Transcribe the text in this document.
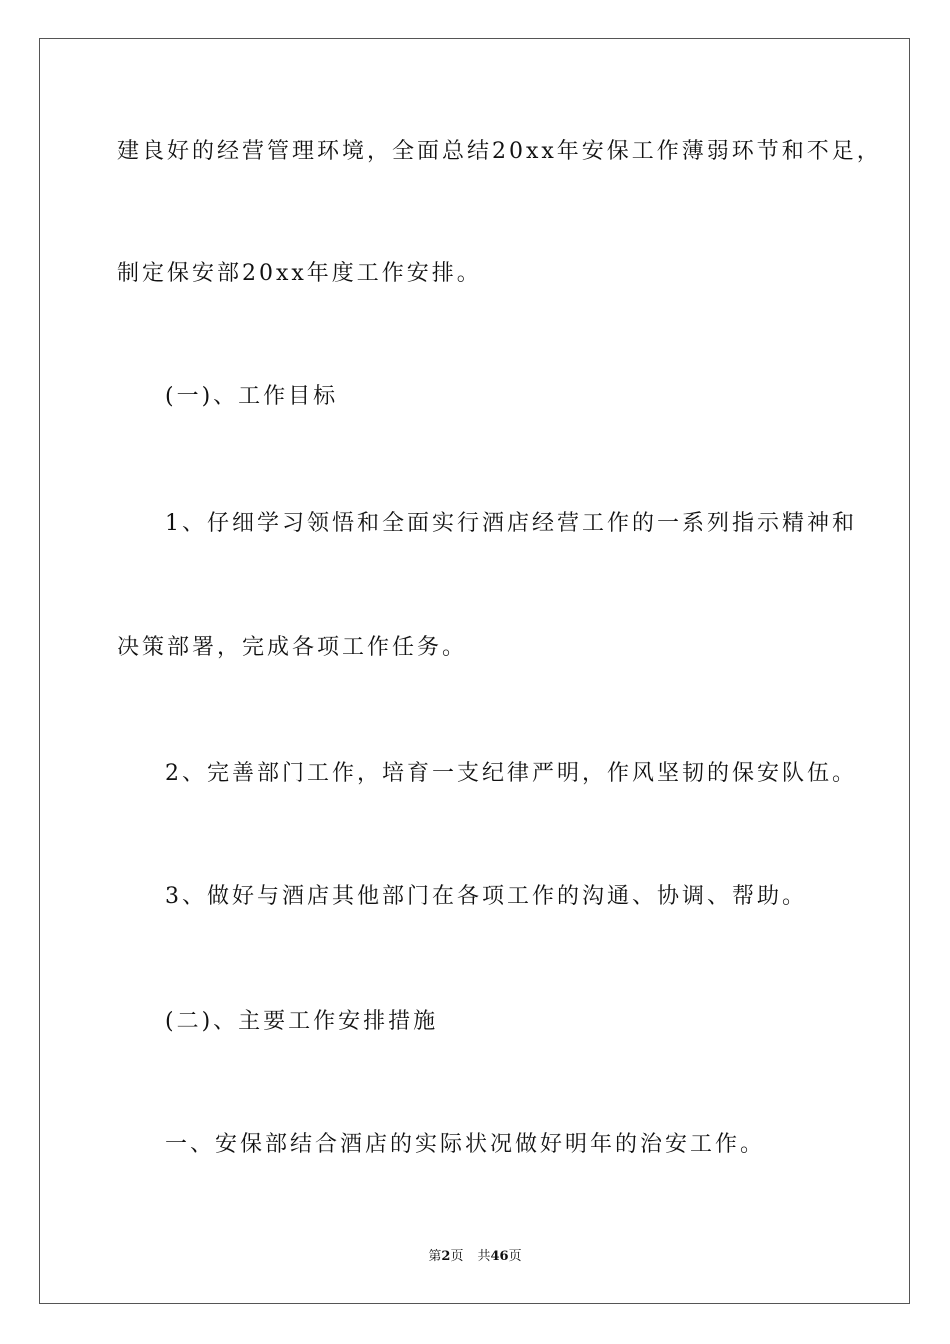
建良好的经营管理环境，全面总结20xx年安保工作薄弱环节和不足，

制定保安部20xx年度工作安排。

(一)、工作目标

1、仔细学习领悟和全面实行酒店经营工作的一系列指示精神和

决策部署，完成各项工作任务。

2、完善部门工作，培育一支纪律严明，作风坚韧的保安队伍。

3、做好与酒店其他部门在各项工作的沟通、协调、帮助。

(二)、主要工作安排措施

一、安保部结合酒店的实际状况做好明年的治安工作。

第2页 共46页
